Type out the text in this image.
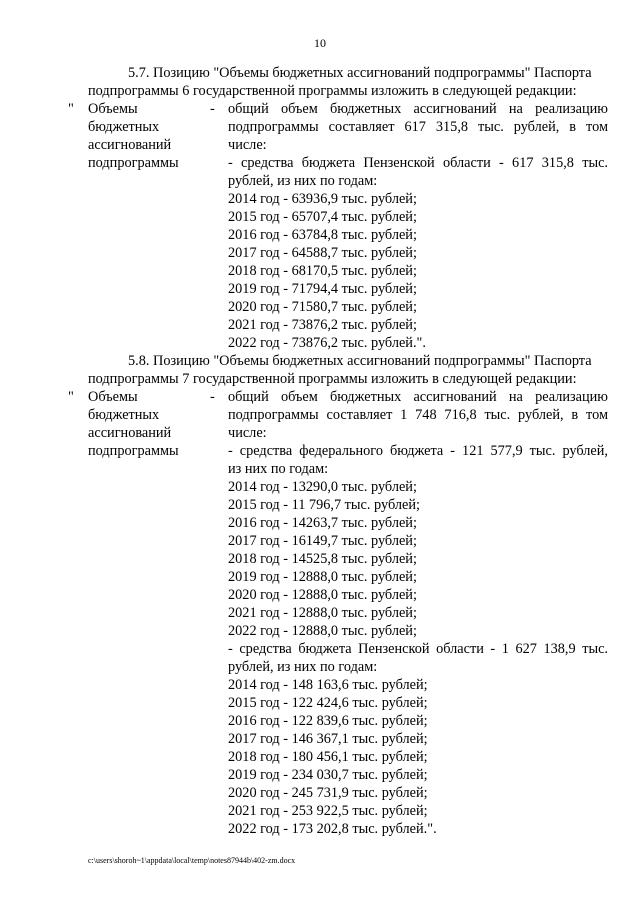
10
5.7. Позицию "Объемы бюджетных ассигнований подпрограммы" Паспорта
подпрограммы 6 государственной программы изложить в следующей редакции:
" Объемы
бюджетных
ассигнований
подпрограммы
- общий объем бюджетных ассигнований на реализацию
подпрограммы составляет 617 315,8 тыс. рублей, в том
числе:
- средства бюджета Пензенской области - 617 315,8 тыс.
рублей, из них по годам:
2014 год - 63936,9 тыс. рублей;
2015 год - 65707,4 тыс. рублей;
2016 год - 63784,8 тыс. рублей;
2017 год - 64588,7 тыс. рублей;
2018 год - 68170,5 тыс. рублей;
2019 год - 71794,4 тыс. рублей;
2020 год - 71580,7 тыс. рублей;
2021 год - 73876,2 тыс. рублей;
2022 год - 73876,2 тыс. рублей.".
5.8. Позицию "Объемы бюджетных ассигнований подпрограммы" Паспорта
подпрограммы 7 государственной программы изложить в следующей редакции:
" Объемы
бюджетных
ассигнований
подпрограммы
- общий объем бюджетных ассигнований на реализацию
подпрограммы составляет 1 748 716,8 тыс. рублей, в том
числе:
- средства федерального бюджета - 121 577,9 тыс. рублей,
из них по годам:
2014 год - 13290,0 тыс. рублей;
2015 год - 11 796,7 тыс. рублей;
2016 год - 14263,7 тыс. рублей;
2017 год - 16149,7 тыс. рублей;
2018 год - 14525,8 тыс. рублей;
2019 год - 12888,0 тыс. рублей;
2020 год - 12888,0 тыс. рублей;
2021 год - 12888,0 тыс. рублей;
2022 год - 12888,0 тыс. рублей;
- средства бюджета Пензенской области - 1 627 138,9 тыс.
рублей, из них по годам:
2014 год - 148 163,6 тыс. рублей;
2015 год - 122 424,6 тыс. рублей;
2016 год - 122 839,6 тыс. рублей;
2017 год - 146 367,1 тыс. рублей;
2018 год - 180 456,1 тыс. рублей;
2019 год - 234 030,7 тыс. рублей;
2020 год - 245 731,9 тыс. рублей;
2021 год - 253 922,5 тыс. рублей;
2022 год - 173 202,8 тыс. рублей.".
c:\users\shoroh~1\appdata\local\temp\notes87944b\402-zm.docx
